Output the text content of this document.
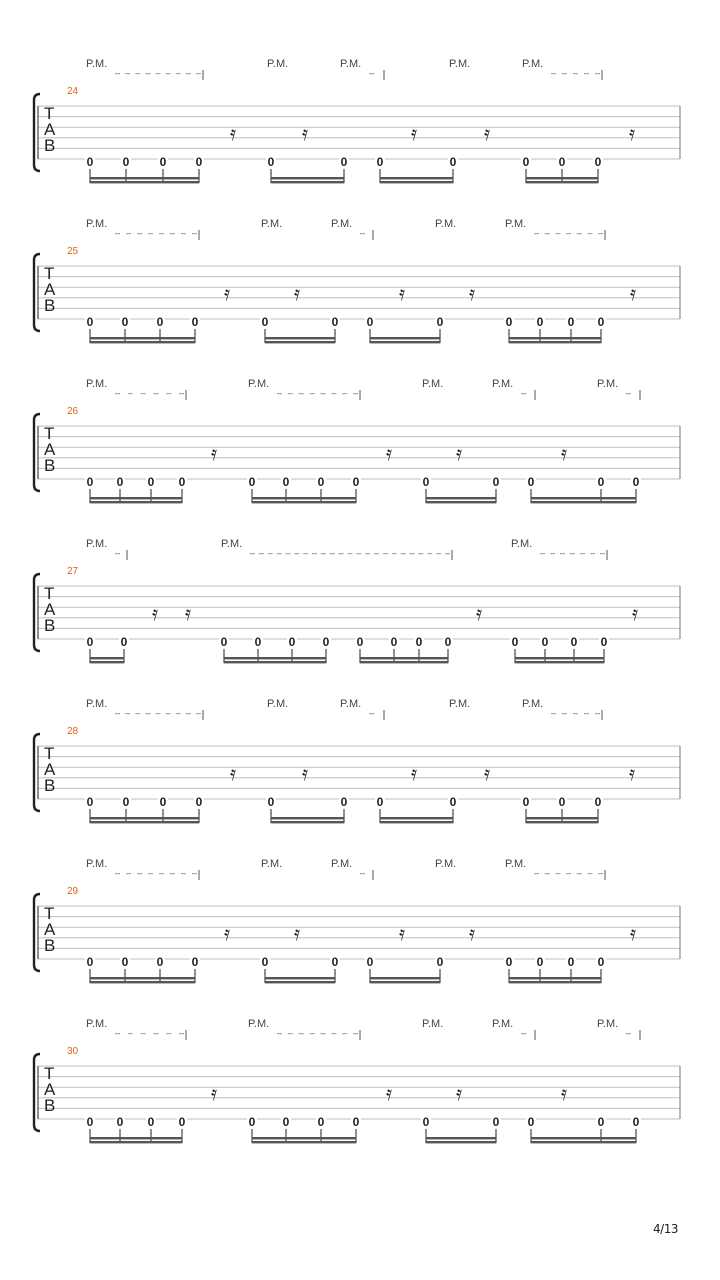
24
T
A
B
P.M.
– – – – – – – – –
P.M.	P.M.
–
P.M.	P.M.
– – – – –
𝄿	𝄿	𝄿	𝄿	𝄿
0 0	0 0	0	0 0	0	0 0 0
25
T
A
B
P.M.
– – – – – – – –
P.M.	P.M.
–
P.M.	P.M.
– – – – – – –
𝄿	𝄿	𝄿	𝄿	𝄿
0 0 0 0	0	0 0	0	0 0 0 0
26
T
A
B
P.M.
– – – – – –
P.M.
– – – – – – – –
P.M.	P.M.
–
P.M.
–
𝄿	𝄿	𝄿	𝄿
0 0 0 0	0 0 0 0	0	0 0	0 0
27
T
A
B
P.M.
–
P.M.
– – – – – – – – – – – – – – – – – – – – – – –
P.M.
– – – – – – –
𝄿 𝄿	𝄿	𝄿
0 0	0 0 0 0 0 0 0 0	0 0 0 0
28
T
A
B
P.M.
– – – – – – – – –
P.M.	P.M.
–
P.M.	P.M.
– – – – –
𝄿	𝄿	𝄿	𝄿	𝄿
0 0	0 0	0	0 0	0	0 0 0
29
T
A
B
P.M.
– – – – – – – –
P.M.	P.M.
–
P.M.	P.M.
– – – – – – –
𝄿	𝄿	𝄿	𝄿	𝄿
0 0 0 0	0	0 0	0	0 0 0 0
30
T
A
B
P.M.
– – – – – –
P.M.
– – – – – – – –
P.M.	P.M.
–
P.M.
–
𝄿	𝄿	𝄿	𝄿
0 0 0 0	0 0 0 0	0	0 0	0 0
4/13
